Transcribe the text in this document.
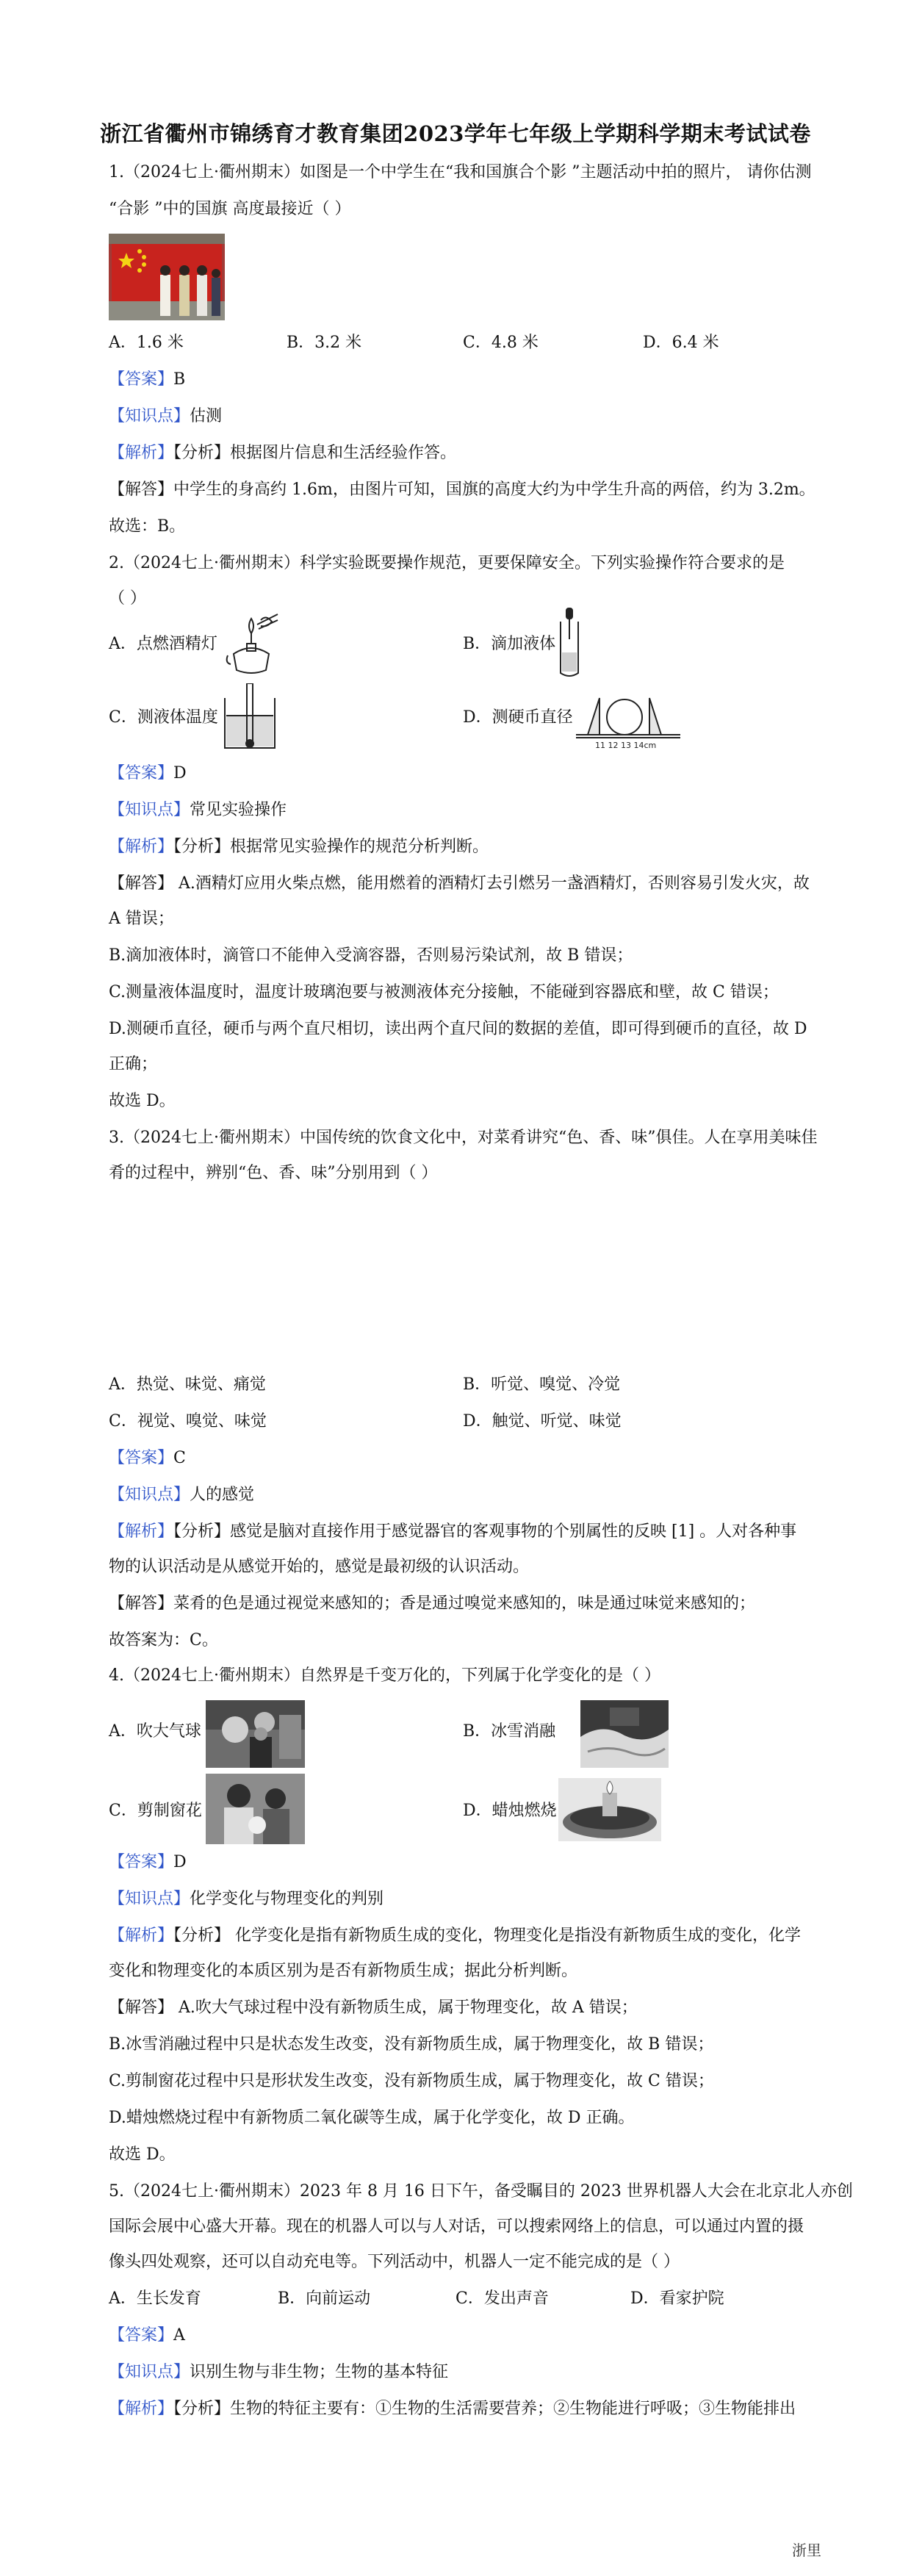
浙江省衢州市锦绣育才教育集团2023学年七年级上学期科学期末考试试卷
1.（2024七上·衢州期末）如图是一个中学生在“我和国旗合个影 ”主题活动中拍的照片， 请你估测
“合影 ”中的国旗 高度最接近（ ）
A．1.6 米	B．3.2 米	C．4.8 米	D．6.4 米
【答案】B
【知识点】估测
【解析】【分析】根据图片信息和生活经验作答。
【解答】中学生的身高约 1.6m，由图片可知，国旗的高度大约为中学生升高的两倍，约为 3.2m。
故选：B。
2.（2024七上·衢州期末）科学实验既要操作规范，更要保障安全。下列实验操作符合要求的是
（ ）
A．点燃酒精灯	B．滴加液体
C．测液体温度	D．测硬币直径
11 12 13 14cm
【答案】D
【知识点】常见实验操作
【解析】【分析】根据常见实验操作的规范分析判断。
【解答】 A.酒精灯应用火柴点燃，能用燃着的酒精灯去引燃另一盏酒精灯，否则容易引发火灾，故
A 错误；
B.滴加液体时，滴管口不能伸入受滴容器，否则易污染试剂，故 B 错误；
C.测量液体温度时，温度计玻璃泡要与被测液体充分接触，不能碰到容器底和壁，故 C 错误；
D.测硬币直径，硬币与两个直尺相切，读出两个直尺间的数据的差值，即可得到硬币的直径，故 D
正确；
故选 D。
3.（2024七上·衢州期末）中国传统的饮食文化中，对菜肴讲究“色、香、味”俱佳。人在享用美味佳
肴的过程中，辨别“色、香、味”分别用到（ ）
A．热觉、味觉、痛觉	B．听觉、嗅觉、冷觉
C．视觉、嗅觉、味觉	D．触觉、听觉、味觉
【答案】C
【知识点】人的感觉
【解析】【分析】感觉是脑对直接作用于感觉器官的客观事物的个别属性的反映 [1] 。人对各种事
物的认识活动是从感觉开始的，感觉是最初级的认识活动。
【解答】菜肴的色是通过视觉来感知的；香是通过嗅觉来感知的，味是通过味觉来感知的；
故答案为：C。
4.（2024七上·衢州期末）自然界是千变万化的，下列属于化学变化的是（ ）
A．吹大气球	B．冰雪消融
C．剪制窗花	D．蜡烛燃烧
【答案】D
【知识点】化学变化与物理变化的判别
【解析】【分析】 化学变化是指有新物质生成的变化，物理变化是指没有新物质生成的变化，化学
变化和物理变化的本质区别为是否有新物质生成；据此分析判断。
【解答】 A.吹大气球过程中没有新物质生成，属于物理变化，故 A 错误；
B.冰雪消融过程中只是状态发生改变，没有新物质生成，属于物理变化，故 B 错误；
C.剪制窗花过程中只是形状发生改变，没有新物质生成，属于物理变化，故 C 错误；
D.蜡烛燃烧过程中有新物质二氧化碳等生成，属于化学变化，故 D 正确。
故选 D。
5.（2024七上·衢州期末）2023 年 8 月 16 日下午，备受瞩目的 2023 世界机器人大会在北京北人亦创
国际会展中心盛大开幕。现在的机器人可以与人对话，可以搜索网络上的信息，可以通过内置的摄
像头四处观察，还可以自动充电等。下列活动中，机器人一定不能完成的是（ ）
A．生长发育	B．向前运动	C．发出声音	D．看家护院
【答案】A
【知识点】识别生物与非生物；生物的基本特征
【解析】【分析】生物的特征主要有：①生物的生活需要营养；②生物能进行呼吸；③生物能排出
浙里
